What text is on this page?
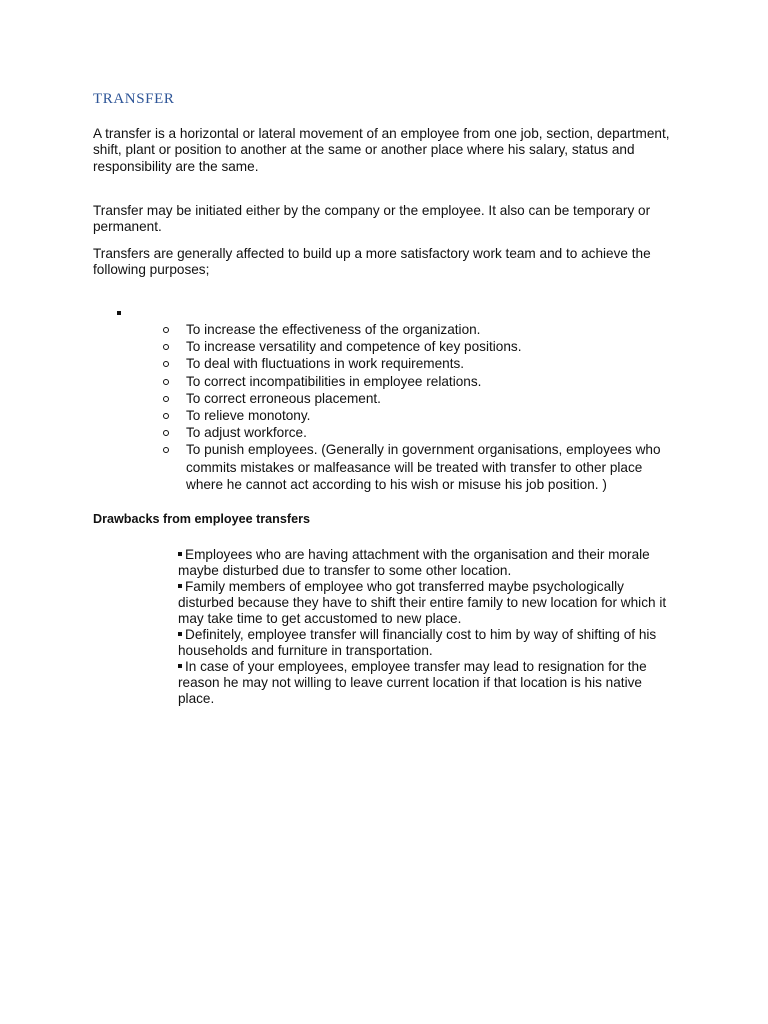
TRANSFER

A transfer is a horizontal or lateral movement of an employee from one job, section, department, shift, plant or position to another at the same or another place where his salary, status and responsibility are the same.

Transfer may be initiated either by the company or the employee. It also can be temporary or permanent.

Transfers are generally affected to build up a more satisfactory work team and to achieve the following purposes;

To increase the effectiveness of the organization.
To increase versatility and competence of key positions.
To deal with fluctuations in work requirements.
To correct incompatibilities in employee relations.
To correct erroneous placement.
To relieve monotony.
To adjust workforce.
To punish employees. (Generally in government organisations, employees who commits mistakes or malfeasance will be treated with transfer to other place where he cannot act according to his wish or misuse his job position. )
Drawbacks from employee transfers
Employees who are having attachment with the organisation and their morale maybe disturbed due to transfer to some other location.
Family members of employee who got transferred maybe psychologically disturbed because they have to shift their entire family to new location for which it may take time to get accustomed to new place.
Definitely, employee transfer will financially cost to him by way of shifting of his households and furniture in transportation.
In case of your employees, employee transfer may lead to resignation for the reason he may not willing to leave current location if that location is his native place.
